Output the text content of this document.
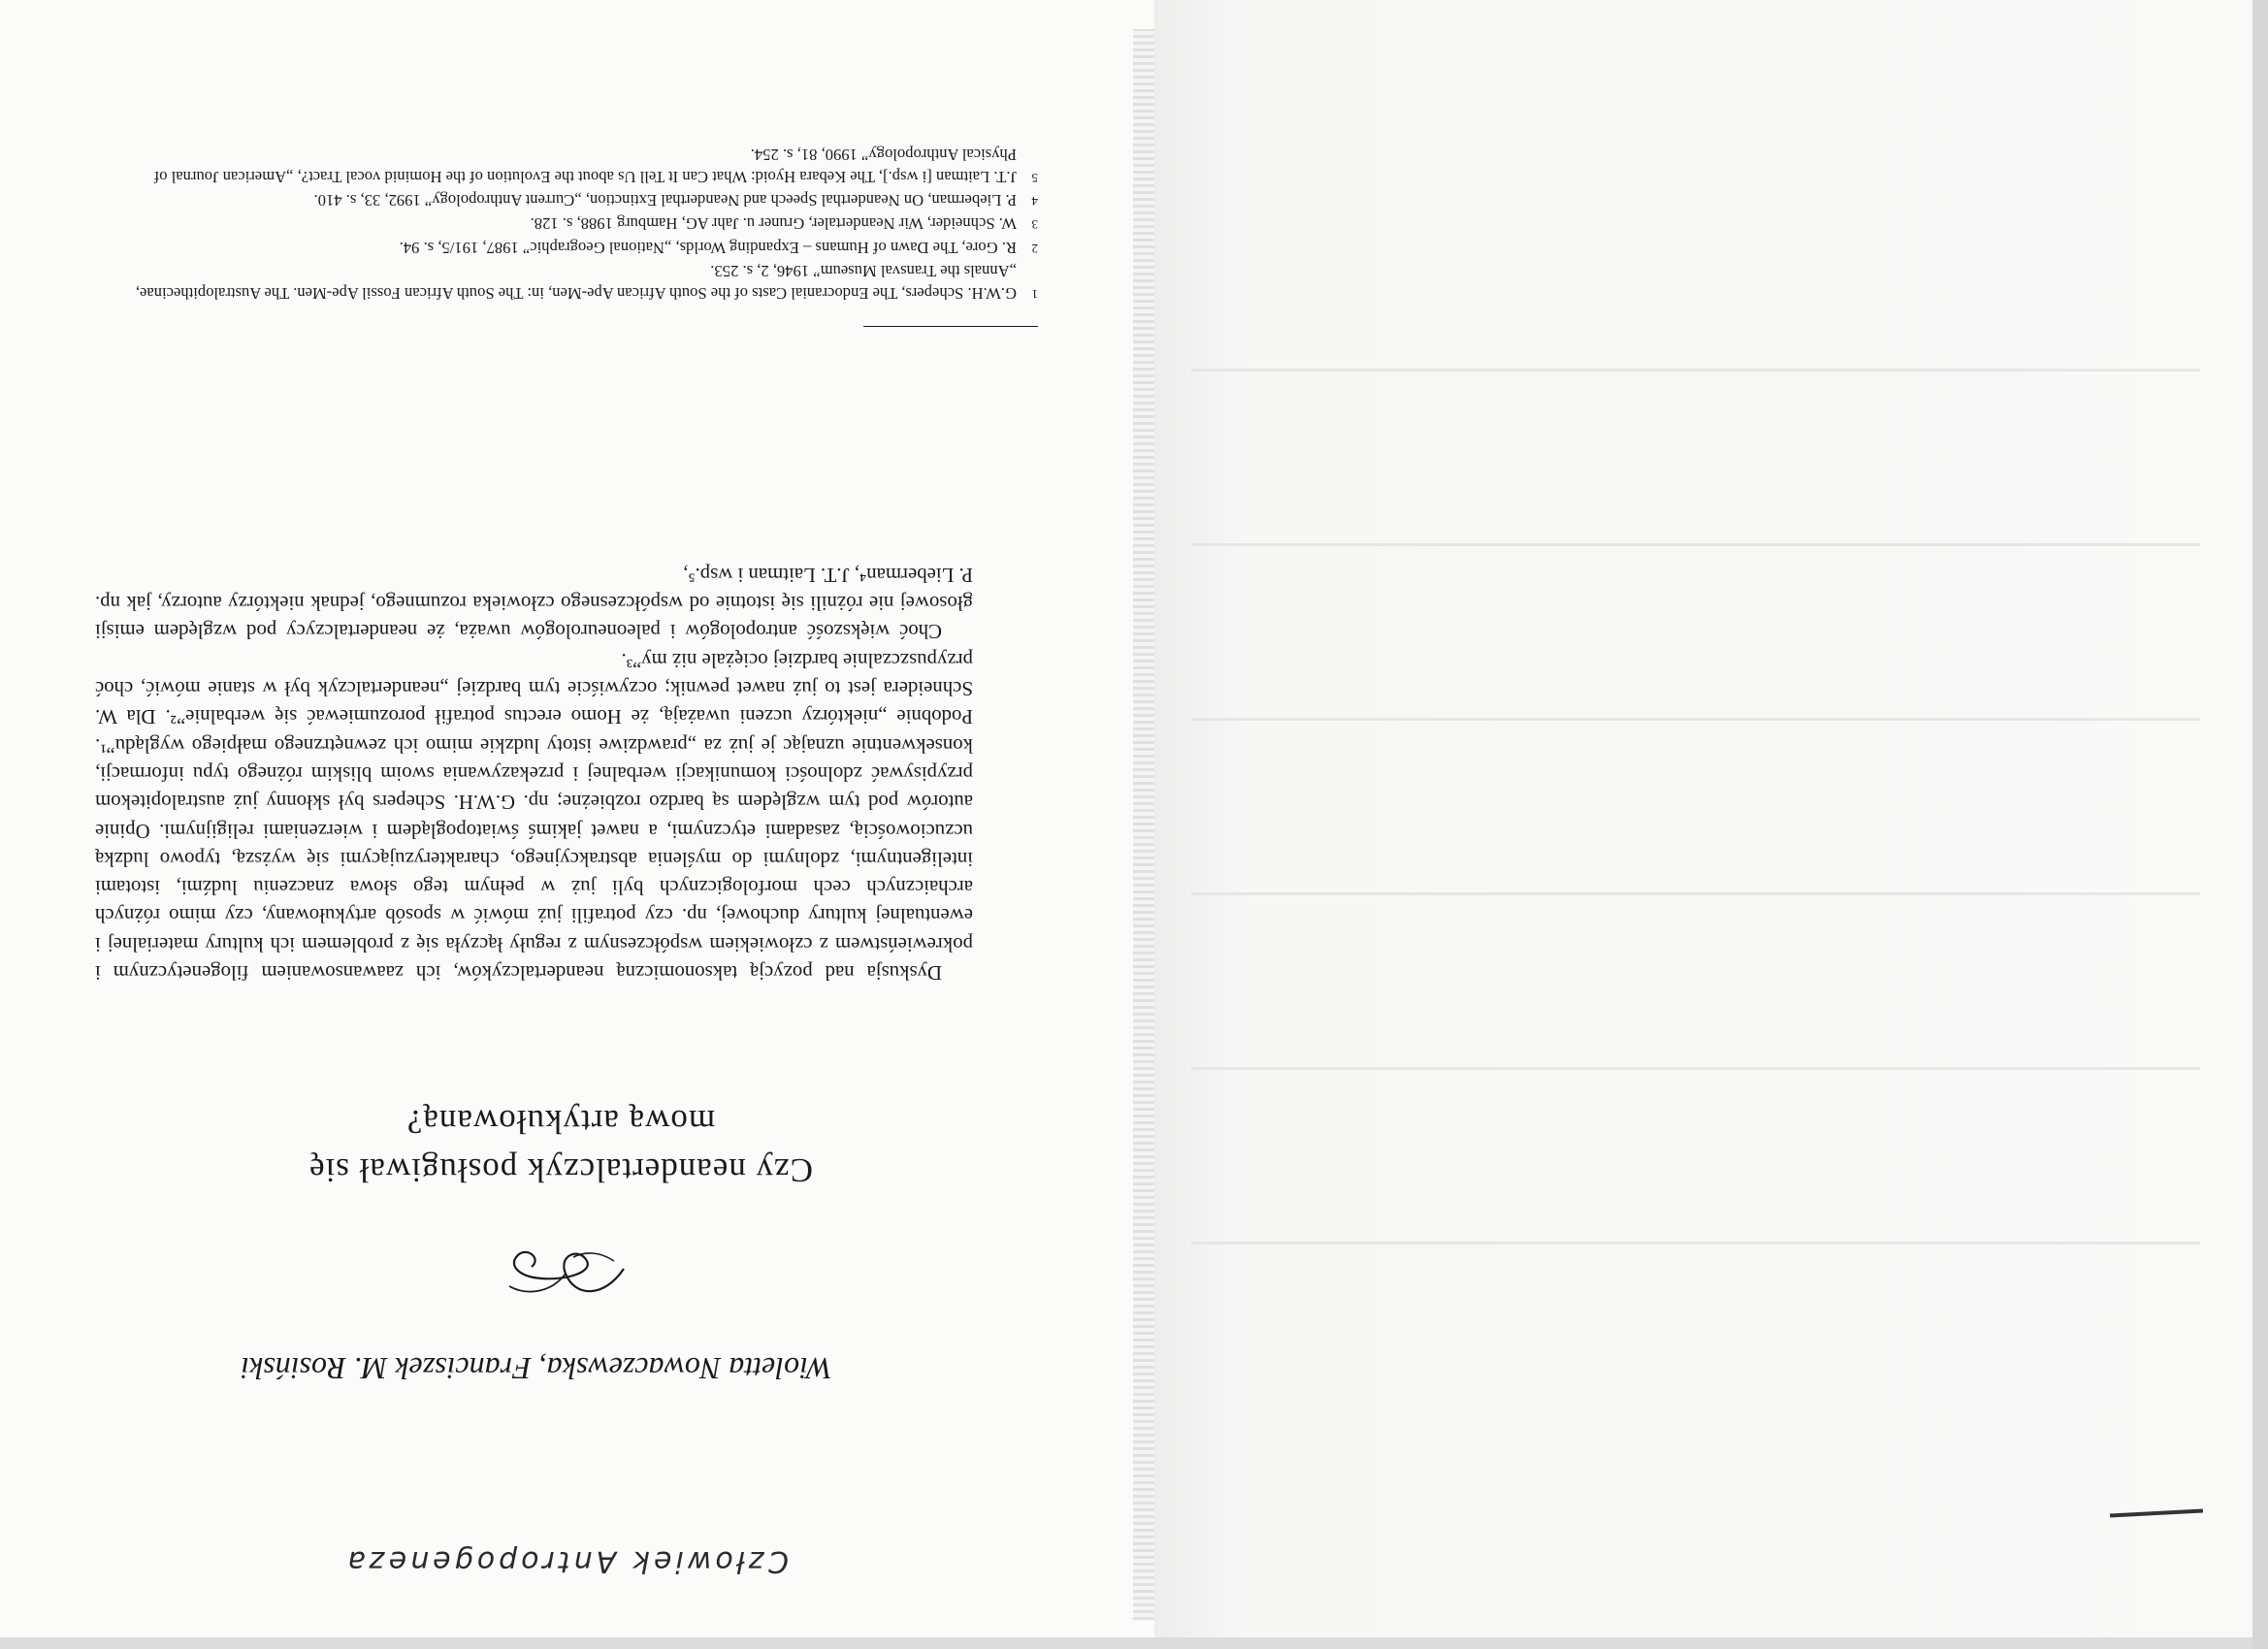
Człowiek Antropogeneza
Wioletta Nowaczewska, Franciszek M. Rosiński
Czy neandertalczyk posługiwał się
mową artykułowaną?

Dyskusja nad pozycją taksonomiczną neandertalczyków, ich zaawansowaniem filogenetycznym i pokrewieństwem z człowiekiem współczesnym z reguły łączyła się z problemem ich kultury materialnej i ewentualnej kultury duchowej, np. czy potrafili już mówić w sposób artykułowany, czy mimo różnych archaicznych cech morfologicznych byli już w pełnym tego słowa znaczeniu ludźmi, istotami inteligentnymi, zdolnymi do myślenia abstrakcyjnego, charakteryzującymi się wyższą, typowo ludzką uczuciowością, zasadami etycznymi, a nawet jakimś światopoglądem i wierzeniami religijnymi. Opinie autorów pod tym względem są bardzo rozbieżne; np. G.W.H. Schepers był skłonny już australopitekom przypisywać zdolności komunikacji werbalnej i przekazywania swoim bliskim różnego typu informacji, konsekwentnie uznając je już za „prawdziwe istoty ludzkie mimo ich zewnętrznego małpiego wyglądu”¹. Podobnie „niektórzy uczeni uważają, że Homo erectus potrafił porozumiewać się werbalnie”². Dla W. Schneidera jest to już nawet pewnik; oczywiście tym bardziej „neandertalczyk był w stanie mówić, choć przypuszczalnie bardziej ociężale niż my”³.

Choć większość antropologów i paleoneurologów uważa, że neandertalczycy pod względem emisji głosowej nie różnili się istotnie od współczesnego człowieka rozumnego, jednak niektórzy autorzy, jak np. P. Lieberman⁴, J.T. Laitman i wsp.⁵,

1G.W.H. Schepers, The Endocranial Casts of the South African Ape-Men, in: The South African Fossil Ape-Men. The Australopithecinae, „Annals the Transval Museum” 1946, 2, s. 253.

2R. Gore, The Dawn of Humans – Expanding Worlds, „National Geographic” 1987, 191/5, s. 94.

3W. Schneider, Wir Neandertaler, Gruner u. Jahr AG, Hamburg 1988, s. 128.

4P. Lieberman, On Neanderthal Speech and Neanderthal Extinction, „Current Anthropology” 1992, 33, s. 410.

5J.T. Laitman [i wsp.], The Kebara Hyoid: What Can It Tell Us about the Evolution of the Hominid vocal Tract?, „American Journal of Physical Anthropology” 1990, 81, s. 254.
